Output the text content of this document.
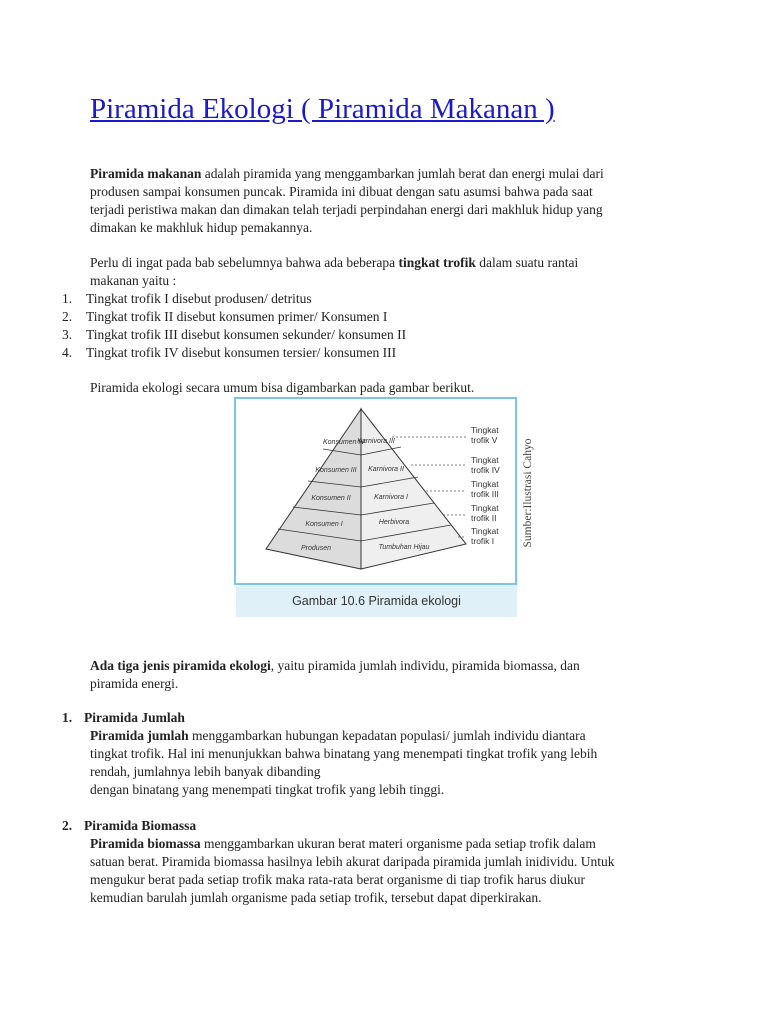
Piramida Ekologi ( Piramida Makanan )

Piramida makanan adalah piramida yang menggambarkan jumlah berat dan energi mulai dari
produsen sampai konsumen puncak. Piramida ini dibuat dengan satu asumsi bahwa pada saat
terjadi peristiwa makan dan dimakan telah terjadi perpindahan energi dari makhluk hidup yang
dimakan ke makhluk hidup pemakannya.

Perlu di ingat pada bab sebelumnya bahwa ada beberapa tingkat trofik dalam suatu rantai
makanan yaitu :

1. Tingkat trofik I disebut produsen/ detritus
2. Tingkat trofik II disebut konsumen primer/ Konsumen I
3. Tingkat trofik III disebut konsumen sekunder/ konsumen II
4. Tingkat trofik IV disebut konsumen tersier/ konsumen III

Piramida ekologi secara umum bisa digambarkan pada gambar berikut.

Konsumen IV
Konsumen III
Konsumen II
Konsumen I
Produsen
Karnivora III
Karnivora II
Karnivora I
Herbivora
Tumbuhan Hijau
Tingkat
trofik V
Tingkat
trofik IV
Tingkat
trofik III
Tingkat
trofik II
Tingkat
trofik I
Gambar 10.6 Piramida ekologi
Sumber:Ilustrasi Cahyo

Ada tiga jenis piramida ekologi, yaitu piramida jumlah individu, piramida biomassa, dan
piramida energi.

1. Piramida Jumlah

Piramida jumlah menggambarkan hubungan kepadatan populasi/ jumlah individu diantara
tingkat trofik. Hal ini menunjukkan bahwa binatang yang menempati tingkat trofik yang lebih
rendah, jumlahnya lebih banyak dibanding
dengan binatang yang menempati tingkat trofik yang lebih tinggi.

2. Piramida Biomassa

Piramida biomassa menggambarkan ukuran berat materi organisme pada setiap trofik dalam
satuan berat. Piramida biomassa hasilnya lebih akurat daripada piramida jumlah inidividu. Untuk
mengukur berat pada setiap trofik maka rata-rata berat organisme di tiap trofik harus diukur
kemudian barulah jumlah organisme pada setiap trofik, tersebut dapat diperkirakan.
